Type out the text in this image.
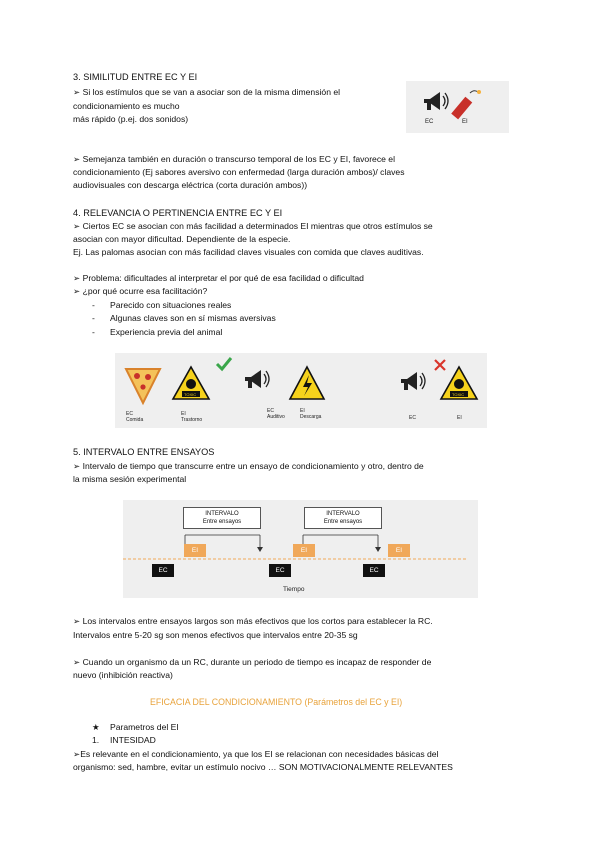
3. SIMILITUD ENTRE EC Y EI
➢ Si los estímulos que se van a asociar son de la misma dimensión el
condicionamiento es mucho
más rápido (p.ej. dos sonidos)	EC	EI
➢ Semejanza también en duración o transcurso temporal de los EC y EI, favorece el
condicionamiento (Ej sabores aversivo con enfermedad (larga duración ambos)/ claves
audiovisuales con descarga eléctrica (corta duración ambos))
4. RELEVANCIA O PERTINENCIA ENTRE EC Y EI
➢ Ciertos EC se asocian con más facilidad a determinados EI mientras que otros estímulos se
asocian con mayor dificultad. Dependiente de la especie.
Ej. Las palomas asocian con más facilidad claves visuales con comida que claves auditivas.
➢ Problema: dificultades al interpretar el por qué de esa facilidad o dificultad
➢ ¿por qué ocurre esa facilitación?
- Parecido con situaciones reales
- Algunas claves son en sí mismas aversivas
- Experiencia previa del animal
TOXIC	TOXIC
EC
Comida
EI
Trastorno
EC
Auditivo
EI
Descarga	EC	EI
5. INTERVALO ENTRE ENSAYOS
➢ Intervalo de tiempo que transcurre entre un ensayo de condicionamiento y otro, dentro de
la misma sesión experimental
INTERVALO
Entre ensayos
INTERVALO
Entre ensayos
EI	EI	EI
EC	EC	EC
Tiempo
➢ Los intervalos entre ensayos largos son más efectivos que los cortos para establecer la RC.
Intervalos entre 5-20 sg son menos efectivos que intervalos entre 20-35 sg
➢ Cuando un organismo da un RC, durante un periodo de tiempo es incapaz de responder de
nuevo (inhibición reactiva)
EFICACIA DEL CONDICIONAMIENTO (Parámetros del EC y EI)
★ Parametros del EI
1. INTESIDAD
➢Es relevante en el condicionamiento, ya que los EI se relacionan con necesidades básicas del
organismo: sed, hambre, evitar un estímulo nocivo … SON MOTIVACIONALMENTE RELEVANTES
